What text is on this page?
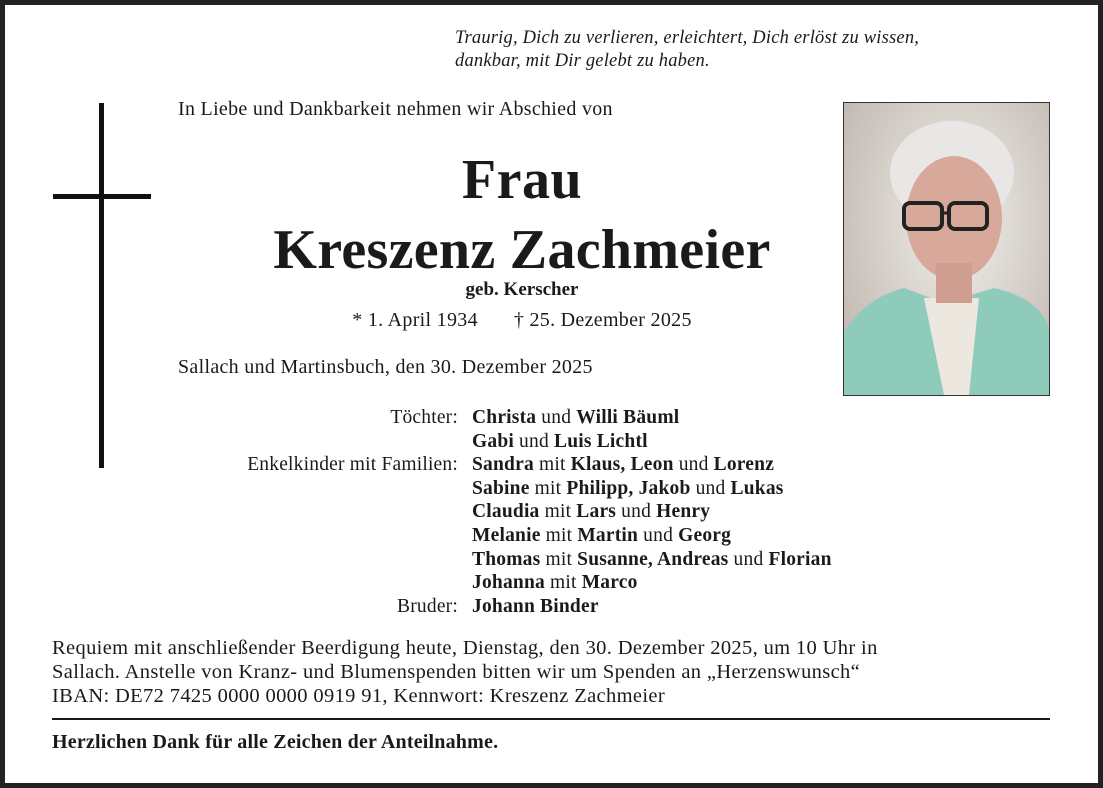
Traurig, Dich zu verlieren, erleichtert, Dich erlöst zu wissen,
dankbar, mit Dir gelebt zu haben.
In Liebe und Dankbarkeit nehmen wir Abschied von
Frau
Kreszenz Zachmeier
geb. Kerscher
* 1. April 1934 † 25. Dezember 2025
Sallach und Martinsbuch, den 30. Dezember 2025
Töchter: Christa und Willi Bäuml
Gabi und Luis Lichtl
Enkelkinder mit Familien: Sandra mit Klaus, Leon und Lorenz
Sabine mit Philipp, Jakob und Lukas
Claudia mit Lars und Henry
Melanie mit Martin und Georg
Thomas mit Susanne, Andreas und Florian
Johanna mit Marco
Bruder: Johann Binder
Requiem mit anschließender Beerdigung heute, Dienstag, den 30. Dezember 2025, um 10 Uhr in
Sallach. Anstelle von Kranz- und Blumenspenden bitten wir um Spenden an „Herzenswunsch“
IBAN: DE72 7425 0000 0000 0919 91, Kennwort: Kreszenz Zachmeier
Herzlichen Dank für alle Zeichen der Anteilnahme.
